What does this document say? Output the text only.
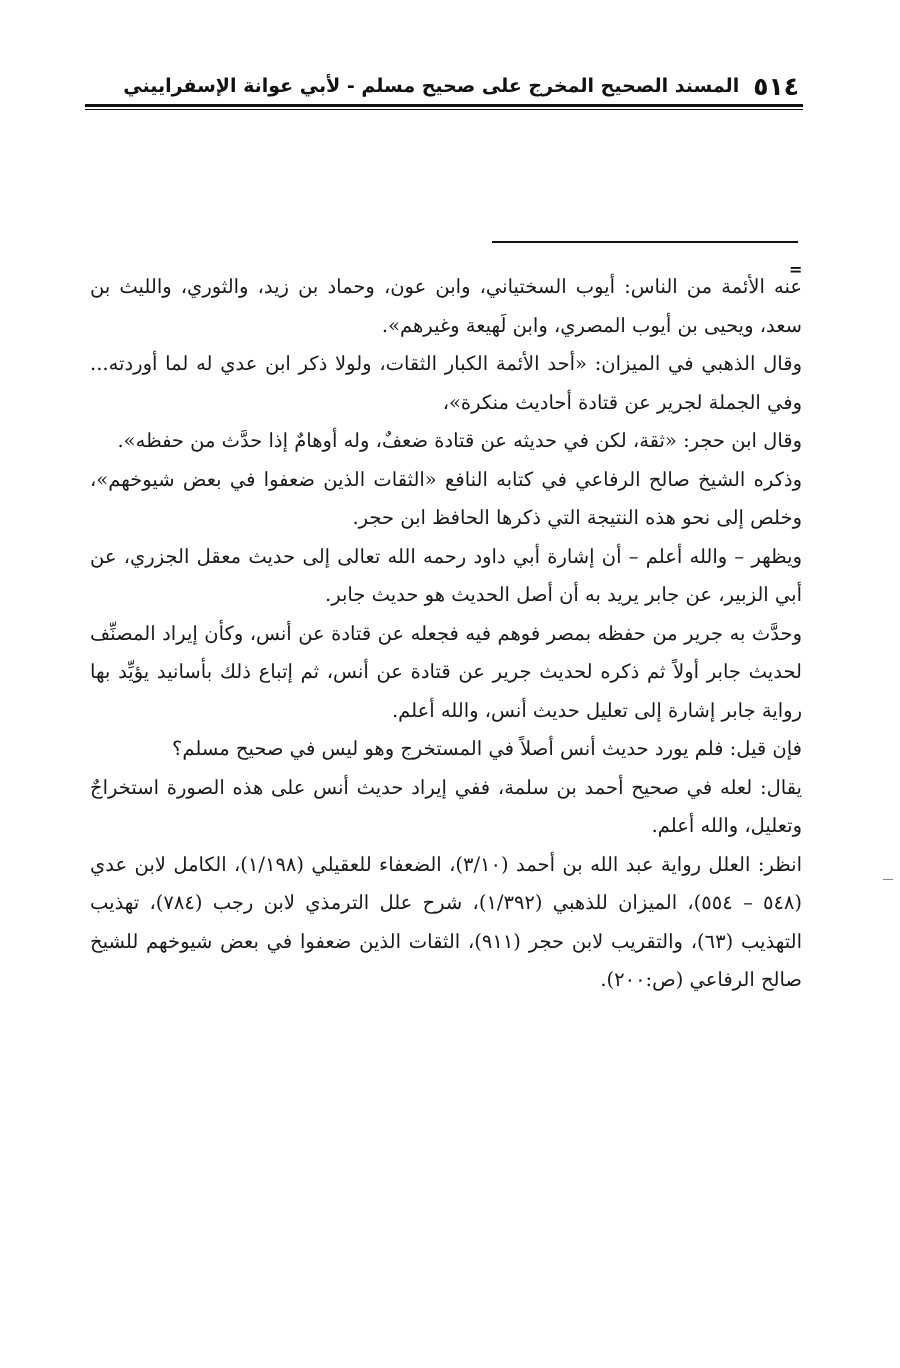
٥١٤
المسند الصحيح المخرج على صحيح مسلم - لأبي عوانة الإسفراييني
=

عنه الأئمة من الناس: أيوب السختياني، وابن عون، وحماد بن زيد، والثوري، والليث بن سعد، ويحيى بن أيوب المصري، وابن لَهيعة وغيرهم».

وقال الذهبي في الميزان: «أحد الأئمة الكبار الثقات، ولولا ذكر ابن عدي له لما أوردته... وفي الجملة لجرير عن قتادة أحاديث منكرة»،

وقال ابن حجر: «ثقة، لكن في حديثه عن قتادة ضعفٌ، وله أوهامٌ إذا حدَّث من حفظه».

وذكره الشيخ صالح الرفاعي في كتابه النافع «الثقات الذين ضعفوا في بعض شيوخهم»، وخلص إلى نحو هذه النتيجة التي ذكرها الحافظ ابن حجر.

ويظهر – والله أعلم – أن إشارة أبي داود رحمه الله تعالى إلى حديث معقل الجزري، عن أبي الزبير، عن جابر يريد به أن أصل الحديث هو حديث جابر.

وحدَّث به جرير من حفظه بمصر فوهم فيه فجعله عن قتادة عن أنس، وكأن إيراد المصنِّف لحديث جابر أولاً ثم ذكره لحديث جرير عن قتادة عن أنس، ثم إتباع ذلك بأسانيد يؤيِّد بها رواية جابر إشارة إلى تعليل حديث أنس، والله أعلم.

فإن قيل: فلم يورد حديث أنس أصلاً في المستخرج وهو ليس في صحيح مسلم؟

يقال: لعله في صحيح أحمد بن سلمة، ففي إيراد حديث أنس على هذه الصورة استخراجٌ وتعليل، والله أعلم.

انظر: العلل رواية عبد الله بن أحمد (٣/١٠)، الضعفاء للعقيلي (١/١٩٨)، الكامل لابن عدي (٥٤٨ – ٥٥٤)، الميزان للذهبي (١/٣٩٢)، شرح علل الترمذي لابن رجب (٧٨٤)، تهذيب التهذيب (٦٣)، والتقريب لابن حجر (٩١١)، الثقات الذين ضعفوا في بعض شيوخهم للشيخ صالح الرفاعي (ص:٢٠٠).
